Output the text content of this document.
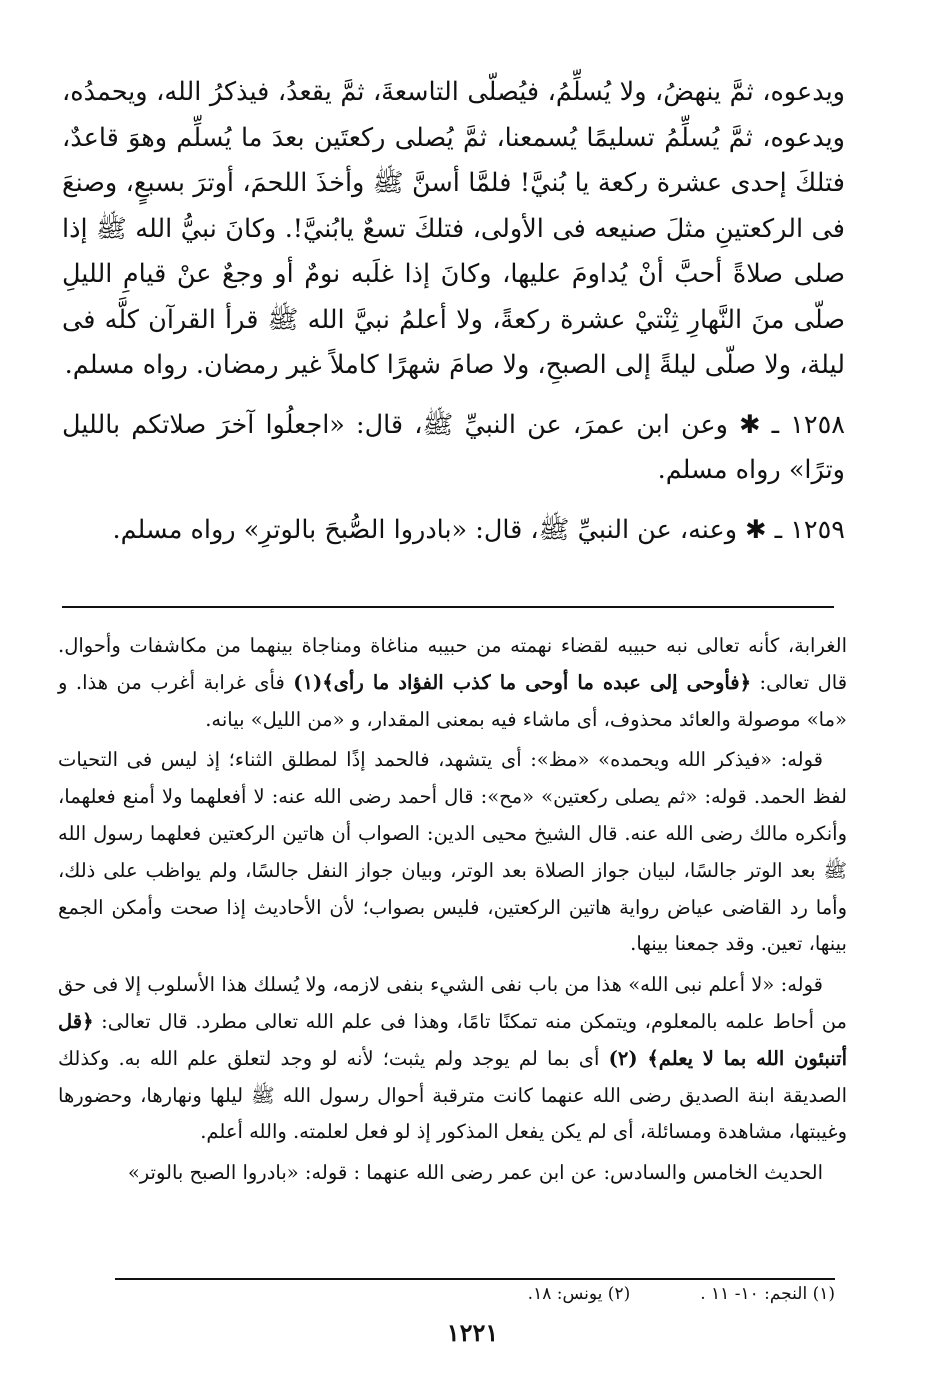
ويدعوه، ثمَّ ينهضُ، ولا يُسلِّمُ، فيُصلّى التاسعةَ، ثمَّ يقعدُ، فيذكرُ الله، ويحمدُه، ويدعوه، ثمَّ يُسلِّمُ تسليمًا يُسمعنا، ثمَّ يُصلى ركعتَين بعدَ ما يُسلِّم وهوَ قاعدٌ، فتلكَ إحدى عشرة ركعة يا بُنيَّ! فلمَّا أسنَّ ﷺ وأخذَ اللحمَ، أوترَ بسبعٍ، وصنعَ فى الركعتينِ مثلَ صنيعه فى الأولى، فتلكَ تسعٌ يابُنيَّ!. وكانَ نبيُّ الله ﷺ إذا صلى صلاةً أحبَّ أنْ يُداومَ عليها، وكانَ إذا غلَبه نومٌ أو وجعٌ عنْ قيامِ الليلِ صلّى منَ النَّهارِ ثِنْتيْ عشرة ركعةً، ولا أعلمُ نبيَّ الله ﷺ قرأ القرآن كلَّه فى ليلة، ولا صلّى ليلةً إلى الصبحِ، ولا صامَ شهرًا كاملاً غير رمضان. رواه مسلم.

١٢٥٨ ـ ✱ وعن ابن عمرَ، عن النبيِّ ﷺ، قال: «اجعلُوا آخرَ صلاتكم بالليل وترًا» رواه مسلم.

١٢٥٩ ـ ✱ وعنه، عن النبيِّ ﷺ، قال: «بادروا الصُّبحَ بالوترِ» رواه مسلم.

الغرابة، كأنه تعالى نبه حبيبه لقضاء نهمته من حبيبه مناغاة ومناجاة بينهما من مكاشفات وأحوال. قال تعالى: ﴿فأوحى إلى عبده ما أوحى ما كذب الفؤاد ما رأى﴾(١) فأى غرابة أغرب من هذا. و «ما» موصولة والعائد محذوف، أى ماشاء فيه بمعنى المقدار، و «من الليل» بيانه.

قوله: «فيذكر الله ويحمده» «مظ»: أى يتشهد، فالحمد إذًا لمطلق الثناء؛ إذ ليس فى التحيات لفظ الحمد. قوله: «ثم يصلى ركعتين» «مح»: قال أحمد رضى الله عنه: لا أفعلهما ولا أمنع فعلهما، وأنكره مالك رضى الله عنه. قال الشيخ محيى الدين: الصواب أن هاتين الركعتين فعلهما رسول الله ﷺ بعد الوتر جالسًا، لبيان جواز الصلاة بعد الوتر، وبيان جواز النفل جالسًا، ولم يواظب على ذلك، وأما رد القاضى عياض رواية هاتين الركعتين، فليس بصواب؛ لأن الأحاديث إذا صحت وأمكن الجمع بينها، تعين. وقد جمعنا بينها.

قوله: «لا أعلم نبى الله» هذا من باب نفى الشيء بنفى لازمه، ولا يُسلك هذا الأسلوب إلا فى حق من أحاط علمه بالمعلوم، ويتمكن منه تمكنًا تامًا، وهذا فى علم الله تعالى مطرد. قال تعالى: ﴿قل أتنبئون الله بما لا يعلم﴾ (٢) أى بما لم يوجد ولم يثبت؛ لأنه لو وجد لتعلق علم الله به. وكذلك الصديقة ابنة الصديق رضى الله عنهما كانت مترقبة أحوال رسول الله ﷺ ليلها ونهارها، وحضورها وغيبتها، مشاهدة ومسائلة، أى لم يكن يفعل المذكور إذ لو فعل لعلمته. والله أعلم.

الحديث الخامس والسادس: عن ابن عمر رضى الله عنهما : قوله: «بادروا الصبح بالوتر»

(١) النجم: ١٠- ١١ .(٢) يونس: ١٨.
١٢٢١
